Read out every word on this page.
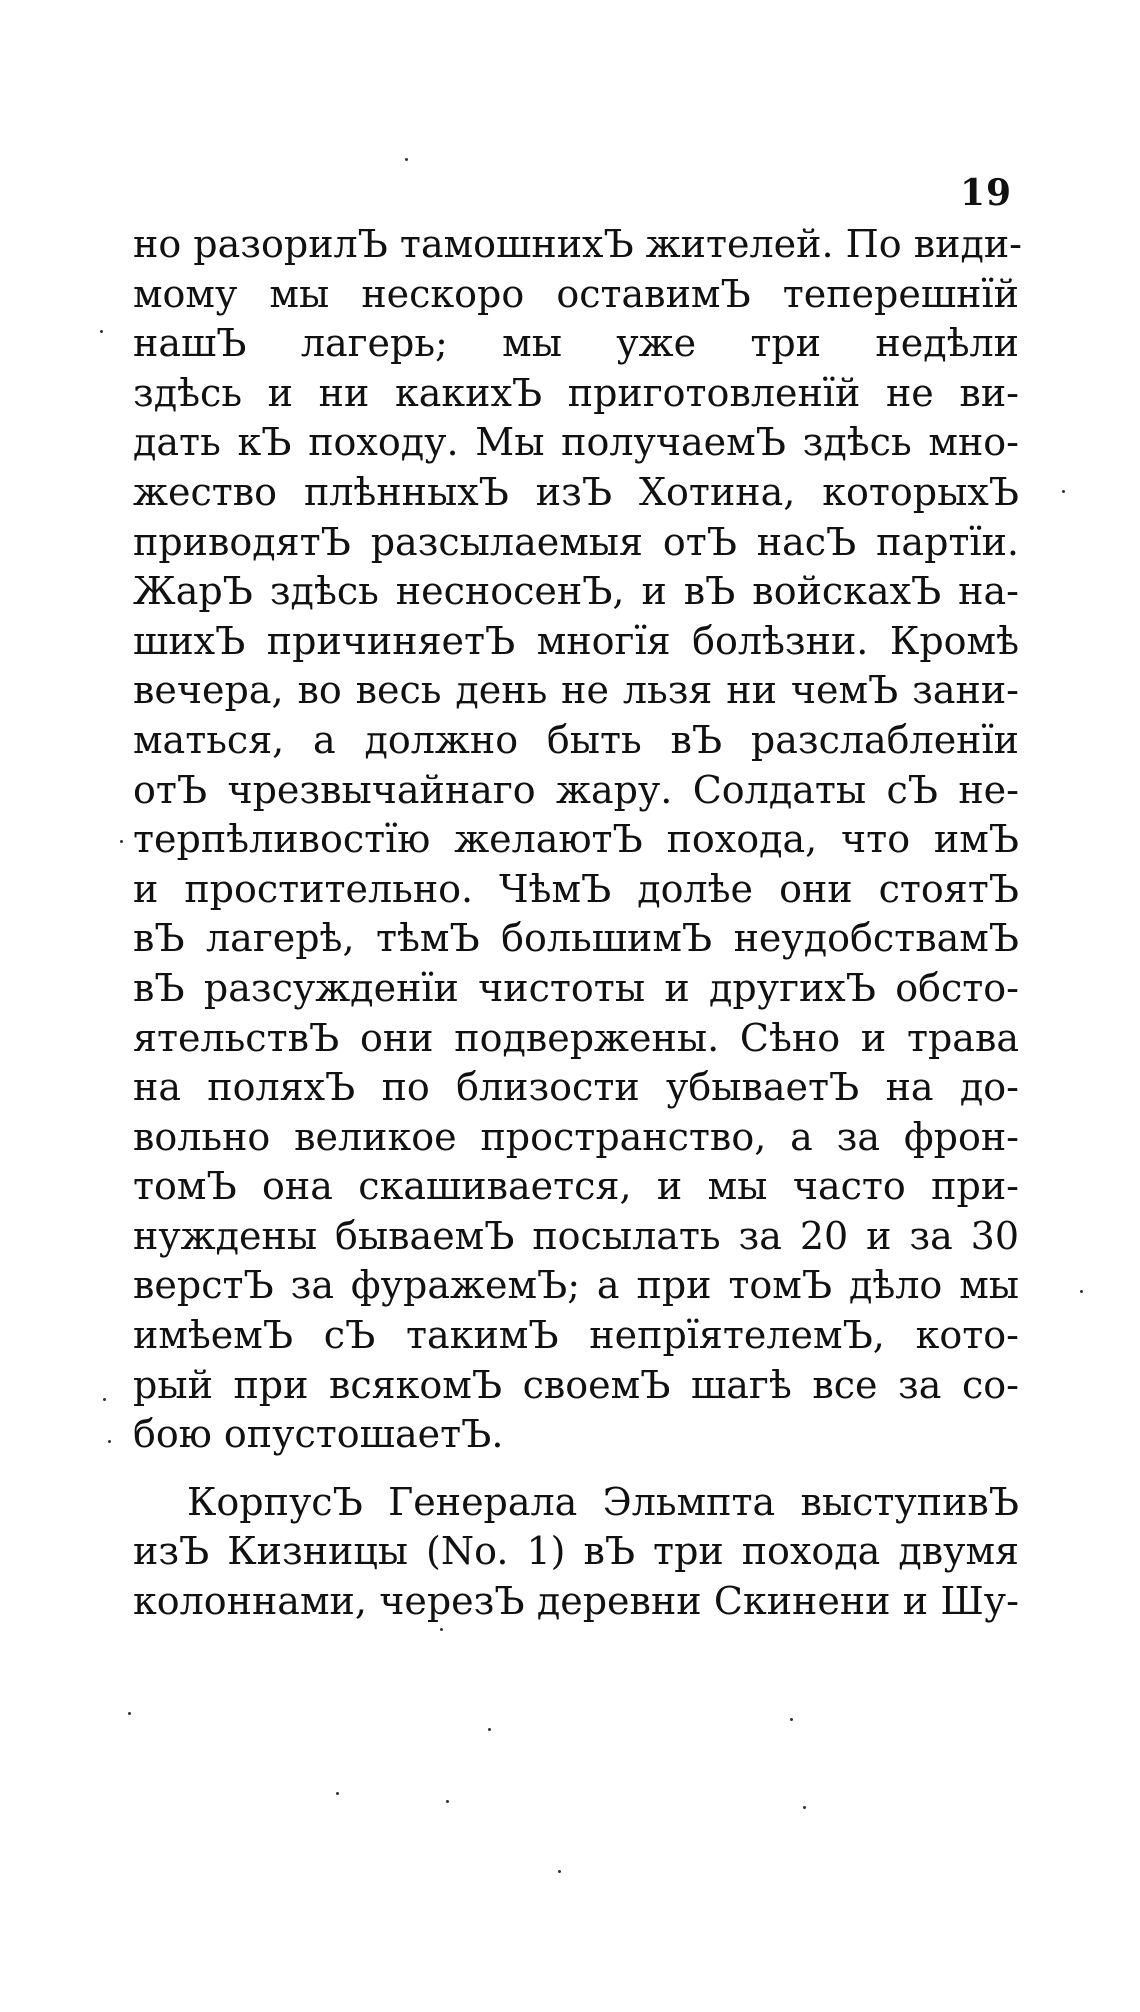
19
но разорилЪ тамошнихЪ жителей. По види-
мому мы нескоро оставимЪ теперешнїй
нашЪ лагерь; мы уже три недѣли
здѣсь и ни какихЪ приготовленїй не ви-
дать кЪ походу. Мы получаемЪ здѣсь мно-
жество плѣнныхЪ изЪ Хотина, которыхЪ
приводятЪ разсылаемыя отЪ насЪ партїи.
ЖарЪ здѣсь несносенЪ, и вЪ войскахЪ на-
шихЪ причиняетЪ многїя болѣзни. Кромѣ
вечера, во весь день не льзя ни чемЪ зани-
маться, а должно быть вЪ разслабленїи
отЪ чрезвычайнаго жару. Солдаты сЪ не-
терпѣливостїю желаютЪ похода, что имЪ
и простительно. ЧѣмЪ долѣе они стоятЪ
вЪ лагерѣ, тѣмЪ большимЪ неудобствамЪ
вЪ разсужденїи чистоты и другихЪ обсто-
ятельствЪ они подвержены. Сѣно и трава
на поляхЪ по близости убываетЪ на до-
вольно великое пространство, а за фрон-
томЪ она скашивается, и мы часто при-
нуждены бываемЪ посылать за 20 и за 30
верстЪ за фуражемЪ; а при томЪ дѣло мы
имѣемЪ сЪ такимЪ непрїятелемЪ, кото-
рый при всякомЪ своемЪ шагѣ все за со-
бою опустошаетЪ.
КорпусЪ Генерала Эльмпта выступивЪ
изЪ Кизницы (No. 1) вЪ три похода двумя
колоннами, черезЪ деревни Скинени и Шу-
